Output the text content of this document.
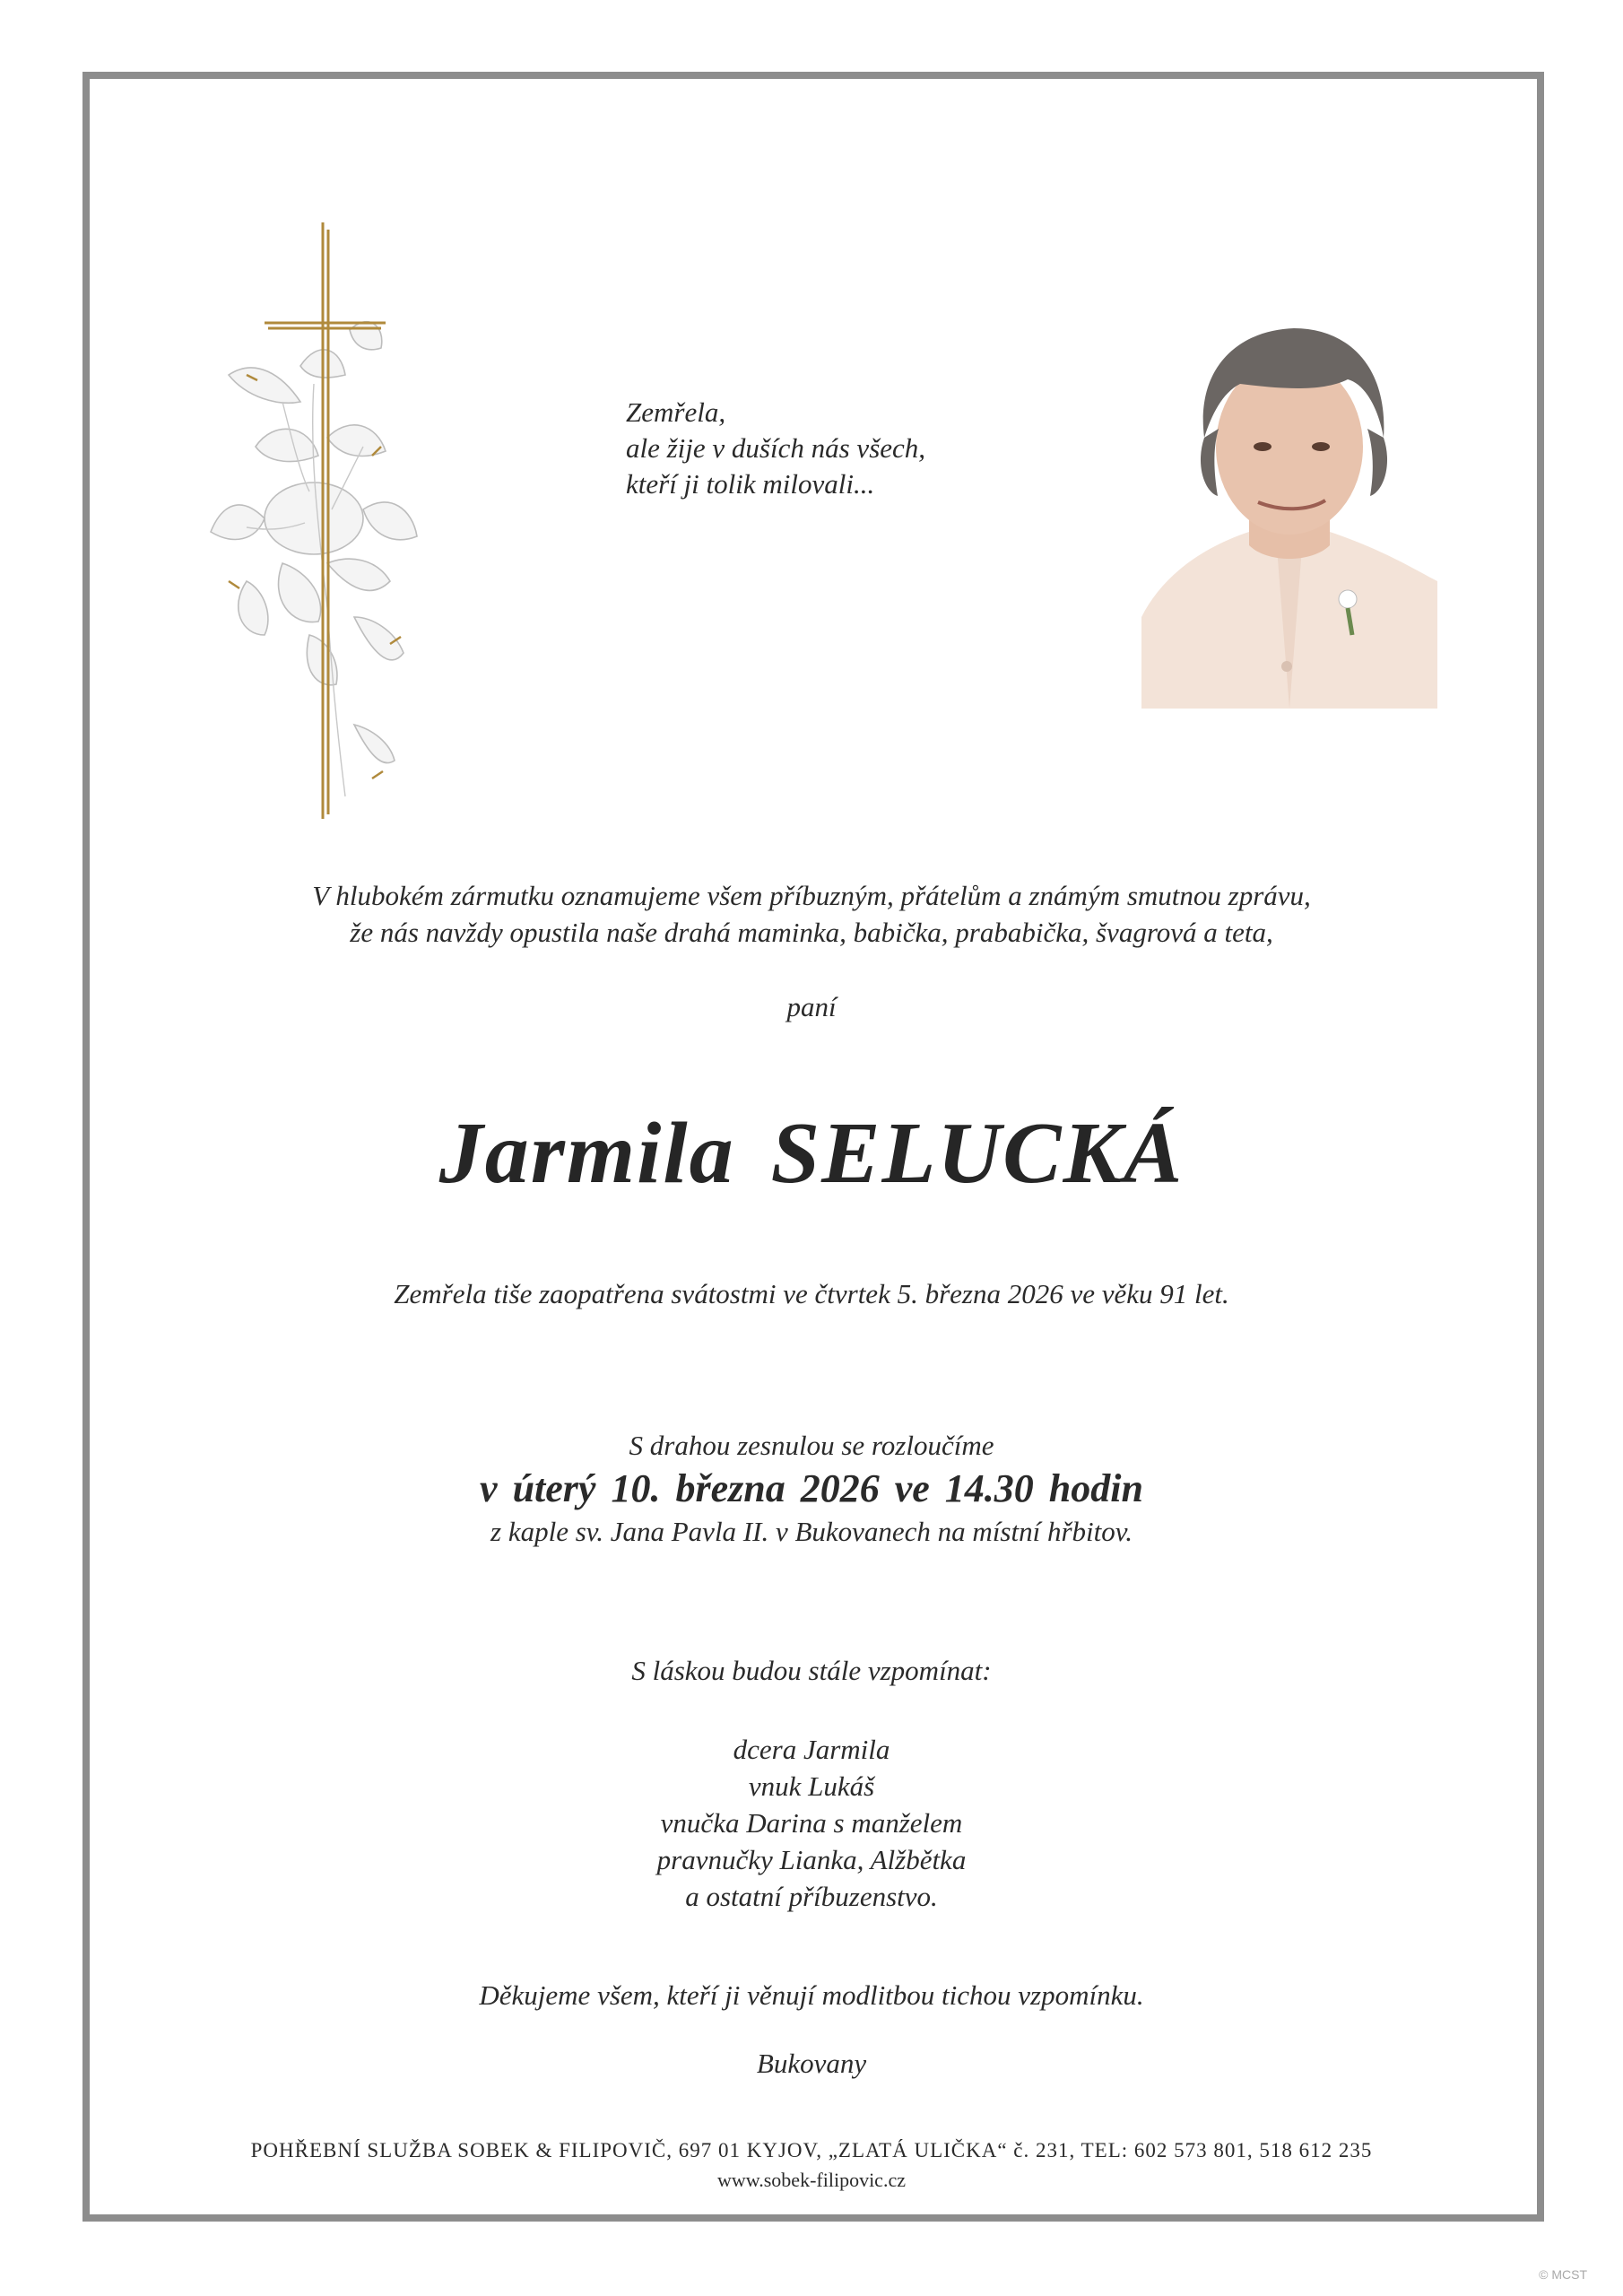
Zemřela,
ale žije v duších nás všech,
kteří ji tolik milovali...
V hlubokém zármutku oznamujeme všem příbuzným, přátelům a známým smutnou zprávu,
že nás navždy opustila naše drahá maminka, babička, prababička, švagrová a teta,
paní
Jarmila SELUCKÁ
Zemřela tiše zaopatřena svátostmi ve čtvrtek 5. března 2026 ve věku 91 let.
S drahou zesnulou se rozloučíme
v úterý 10. března 2026 ve 14.30 hodin
z kaple sv. Jana Pavla II. v Bukovanech na místní hřbitov.
S láskou budou stále vzpomínat:
dcera Jarmila
vnuk Lukáš
vnučka Darina s manželem
pravnučky Lianka, Alžbětka
a ostatní příbuzenstvo.
Děkujeme všem, kteří ji věnují modlitbou tichou vzpomínku.
Bukovany
POHŘEBNÍ SLUŽBA SOBEK & FILIPOVIČ, 697 01 KYJOV, „ZLATÁ ULIČKA“ č. 231, TEL: 602 573 801, 518 612 235
www.sobek-filipovic.cz
© MCST
